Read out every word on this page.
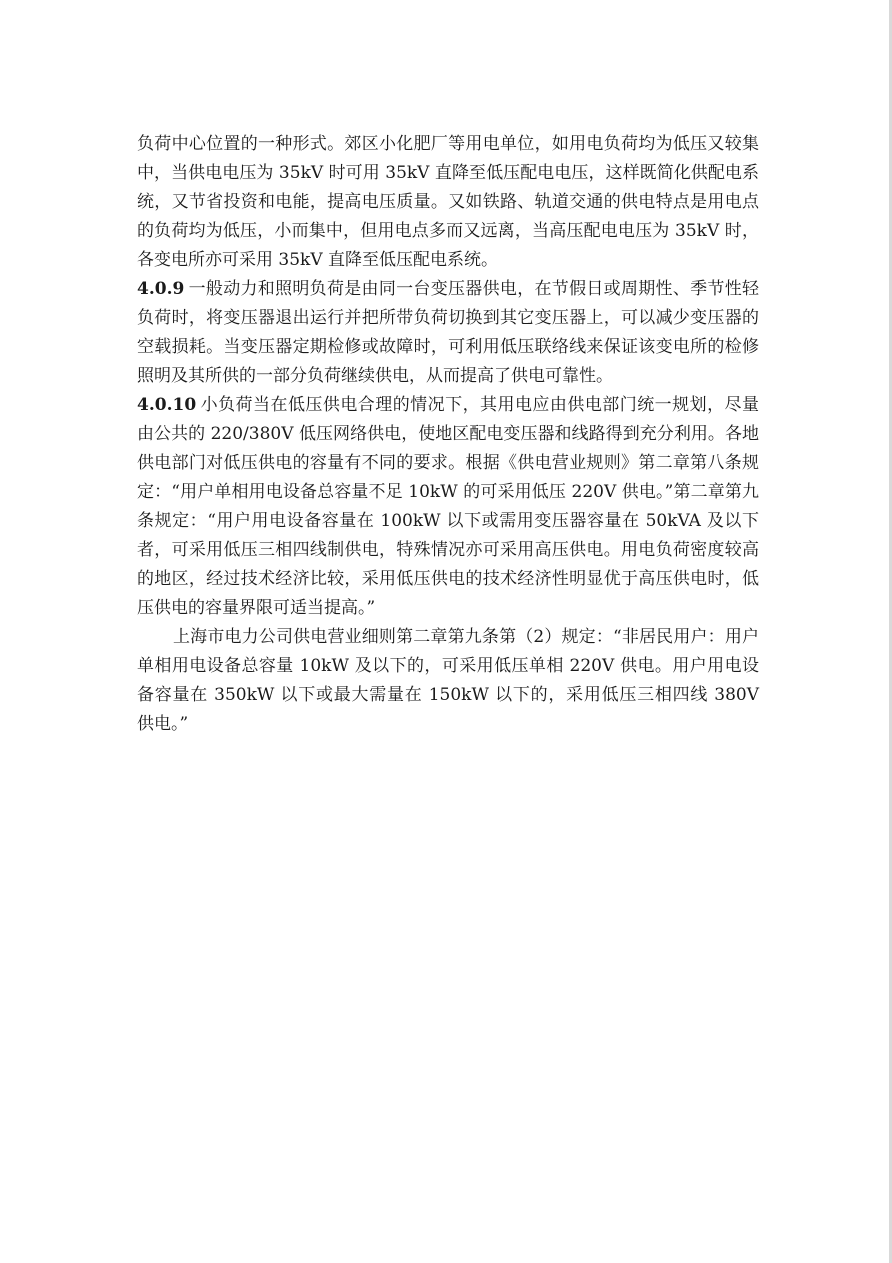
负荷中心位置的一种形式。郊区小化肥厂等用电单位，如用电负荷均为低压又较集中，当供电电压为 35kV 时可用 35kV 直降至低压配电电压，这样既简化供配电系统，又节省投资和电能，提高电压质量。又如铁路、轨道交通的供电特点是用电点的负荷均为低压，小而集中，但用电点多而又远离，当高压配电电压为 35kV 时，各变电所亦可采用 35kV 直降至低压配电系统。

4.0.9 一般动力和照明负荷是由同一台变压器供电，在节假日或周期性、季节性轻负荷时，将变压器退出运行并把所带负荷切换到其它变压器上，可以减少变压器的空载损耗。当变压器定期检修或故障时，可利用低压联络线来保证该变电所的检修照明及其所供的一部分负荷继续供电，从而提高了供电可靠性。

4.0.10 小负荷当在低压供电合理的情况下，其用电应由供电部门统一规划，尽量由公共的 220/380V 低压网络供电，使地区配电变压器和线路得到充分利用。各地供电部门对低压供电的容量有不同的要求。根据《供电营业规则》第二章第八条规定：“用户单相用电设备总容量不足 10kW 的可采用低压 220V 供电。”第二章第九条规定：“用户用电设备容量在 100kW 以下或需用变压器容量在 50kVA 及以下者，可采用低压三相四线制供电，特殊情况亦可采用高压供电。用电负荷密度较高的地区，经过技术经济比较，采用低压供电的技术经济性明显优于高压供电时，低压供电的容量界限可适当提高。”

上海市电力公司供电营业细则第二章第九条第（2）规定：“非居民用户：用户单相用电设备总容量 10kW 及以下的，可采用低压单相 220V 供电。用户用电设备容量在 350kW 以下或最大需量在 150kW 以下的，采用低压三相四线 380V 供电。”
